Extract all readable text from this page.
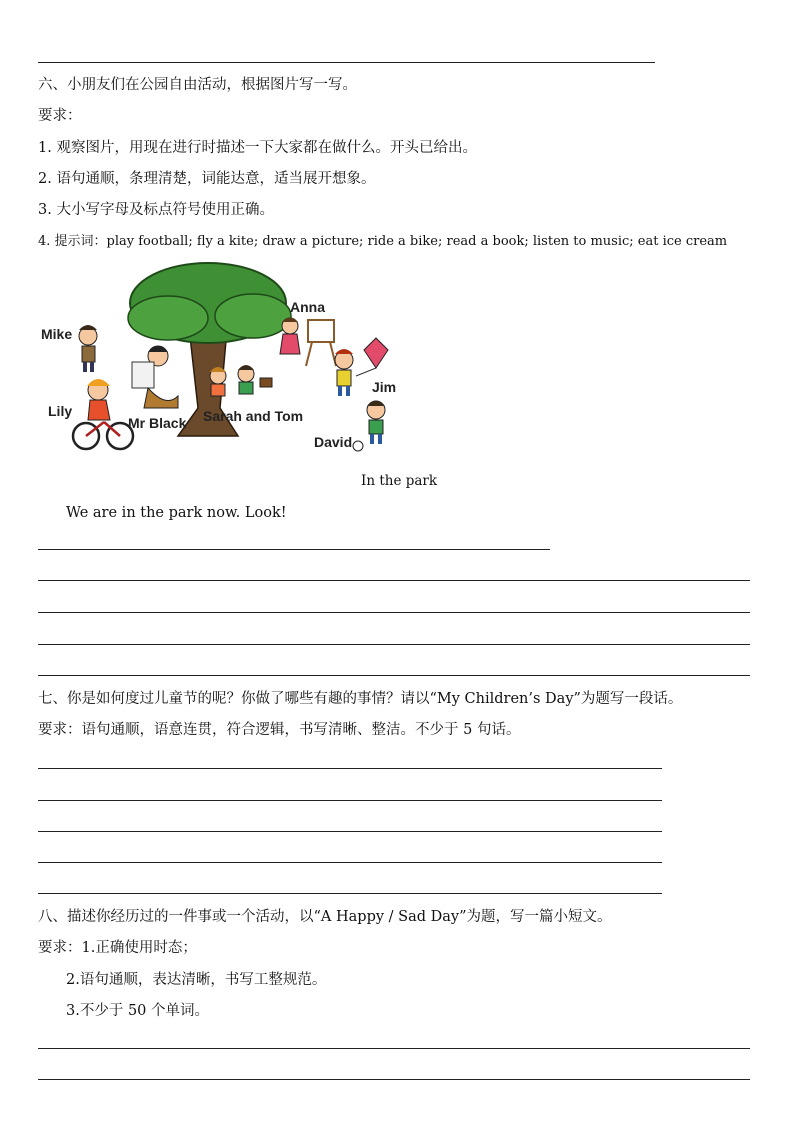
六、小朋友们在公园自由活动，根据图片写一写。
要求：
1. 观察图片，用现在进行时描述一下大家都在做什么。开头已给出。
2. 语句通顺，条理清楚，词能达意，适当展开想象。
3. 大小写字母及标点符号使用正确。
4. 提示词：play football; fly a kite; draw a picture; ride a bike; read a book; listen to music; eat ice cream
Mike
Anna
Jim
Lily
Mr Black Sarah and Tom
David
In the park
We are in the park now. Look!
七、你是如何度过儿童节的呢？你做了哪些有趣的事情？请以“My Children’s Day”为题写一段话。
要求：语句通顺，语意连贯，符合逻辑，书写清晰、整洁。不少于 5 句话。
八、描述你经历过的一件事或一个活动，以“A Happy / Sad Day”为题，写一篇小短文。
要求：1.正确使用时态；
2.语句通顺，表达清晰，书写工整规范。
3.不少于 50 个单词。
